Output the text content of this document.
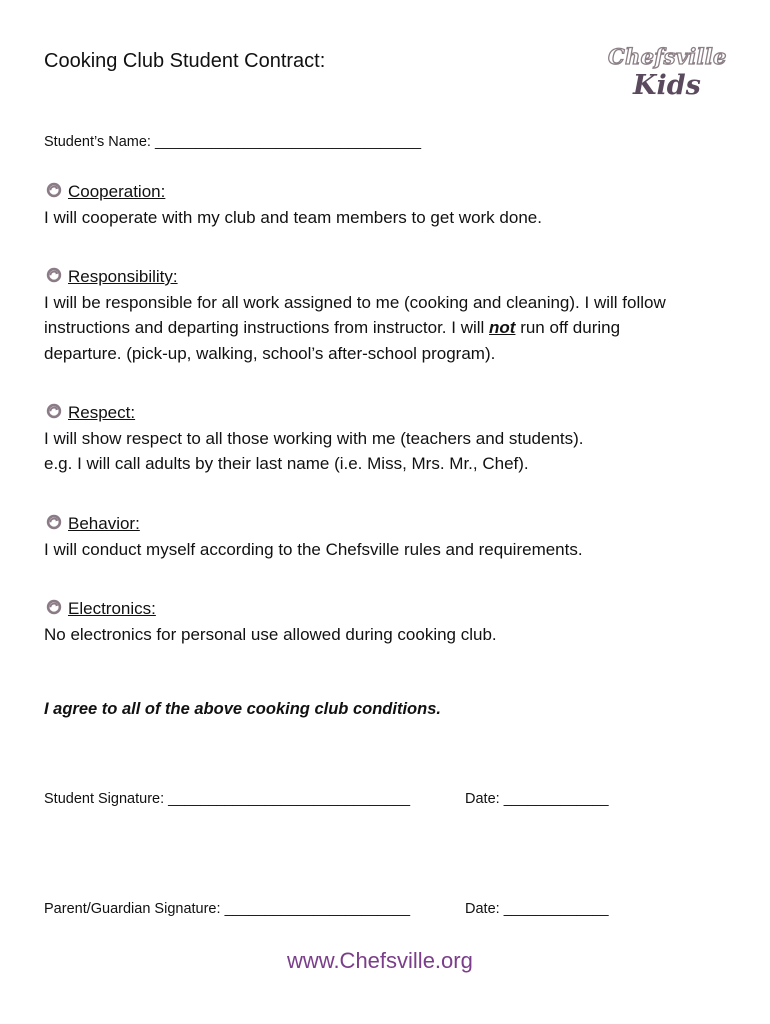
Cooking Club Student Contract:	Chefsville
Kids
Student’s Name: _________________________________
Cooperation:
I will cooperate with my club and team members to get work done.
Responsibility:
I will be responsible for all work assigned to me (cooking and cleaning). I will follow
instructions and departing instructions from instructor. I will not run off during
departure. (pick-up, walking, school’s after-school program).
Respect:
I will show respect to all those working with me (teachers and students).
e.g. I will call adults by their last name (i.e. Miss, Mrs. Mr., Chef).
Behavior:
I will conduct myself according to the Chefsville rules and requirements.
Electronics:
No electronics for personal use allowed during cooking club.
I agree to all of the above cooking club conditions.
Student Signature: ______________________________	Date: _____________
Parent/Guardian Signature: _______________________	Date: _____________
www.Chefsville.org
